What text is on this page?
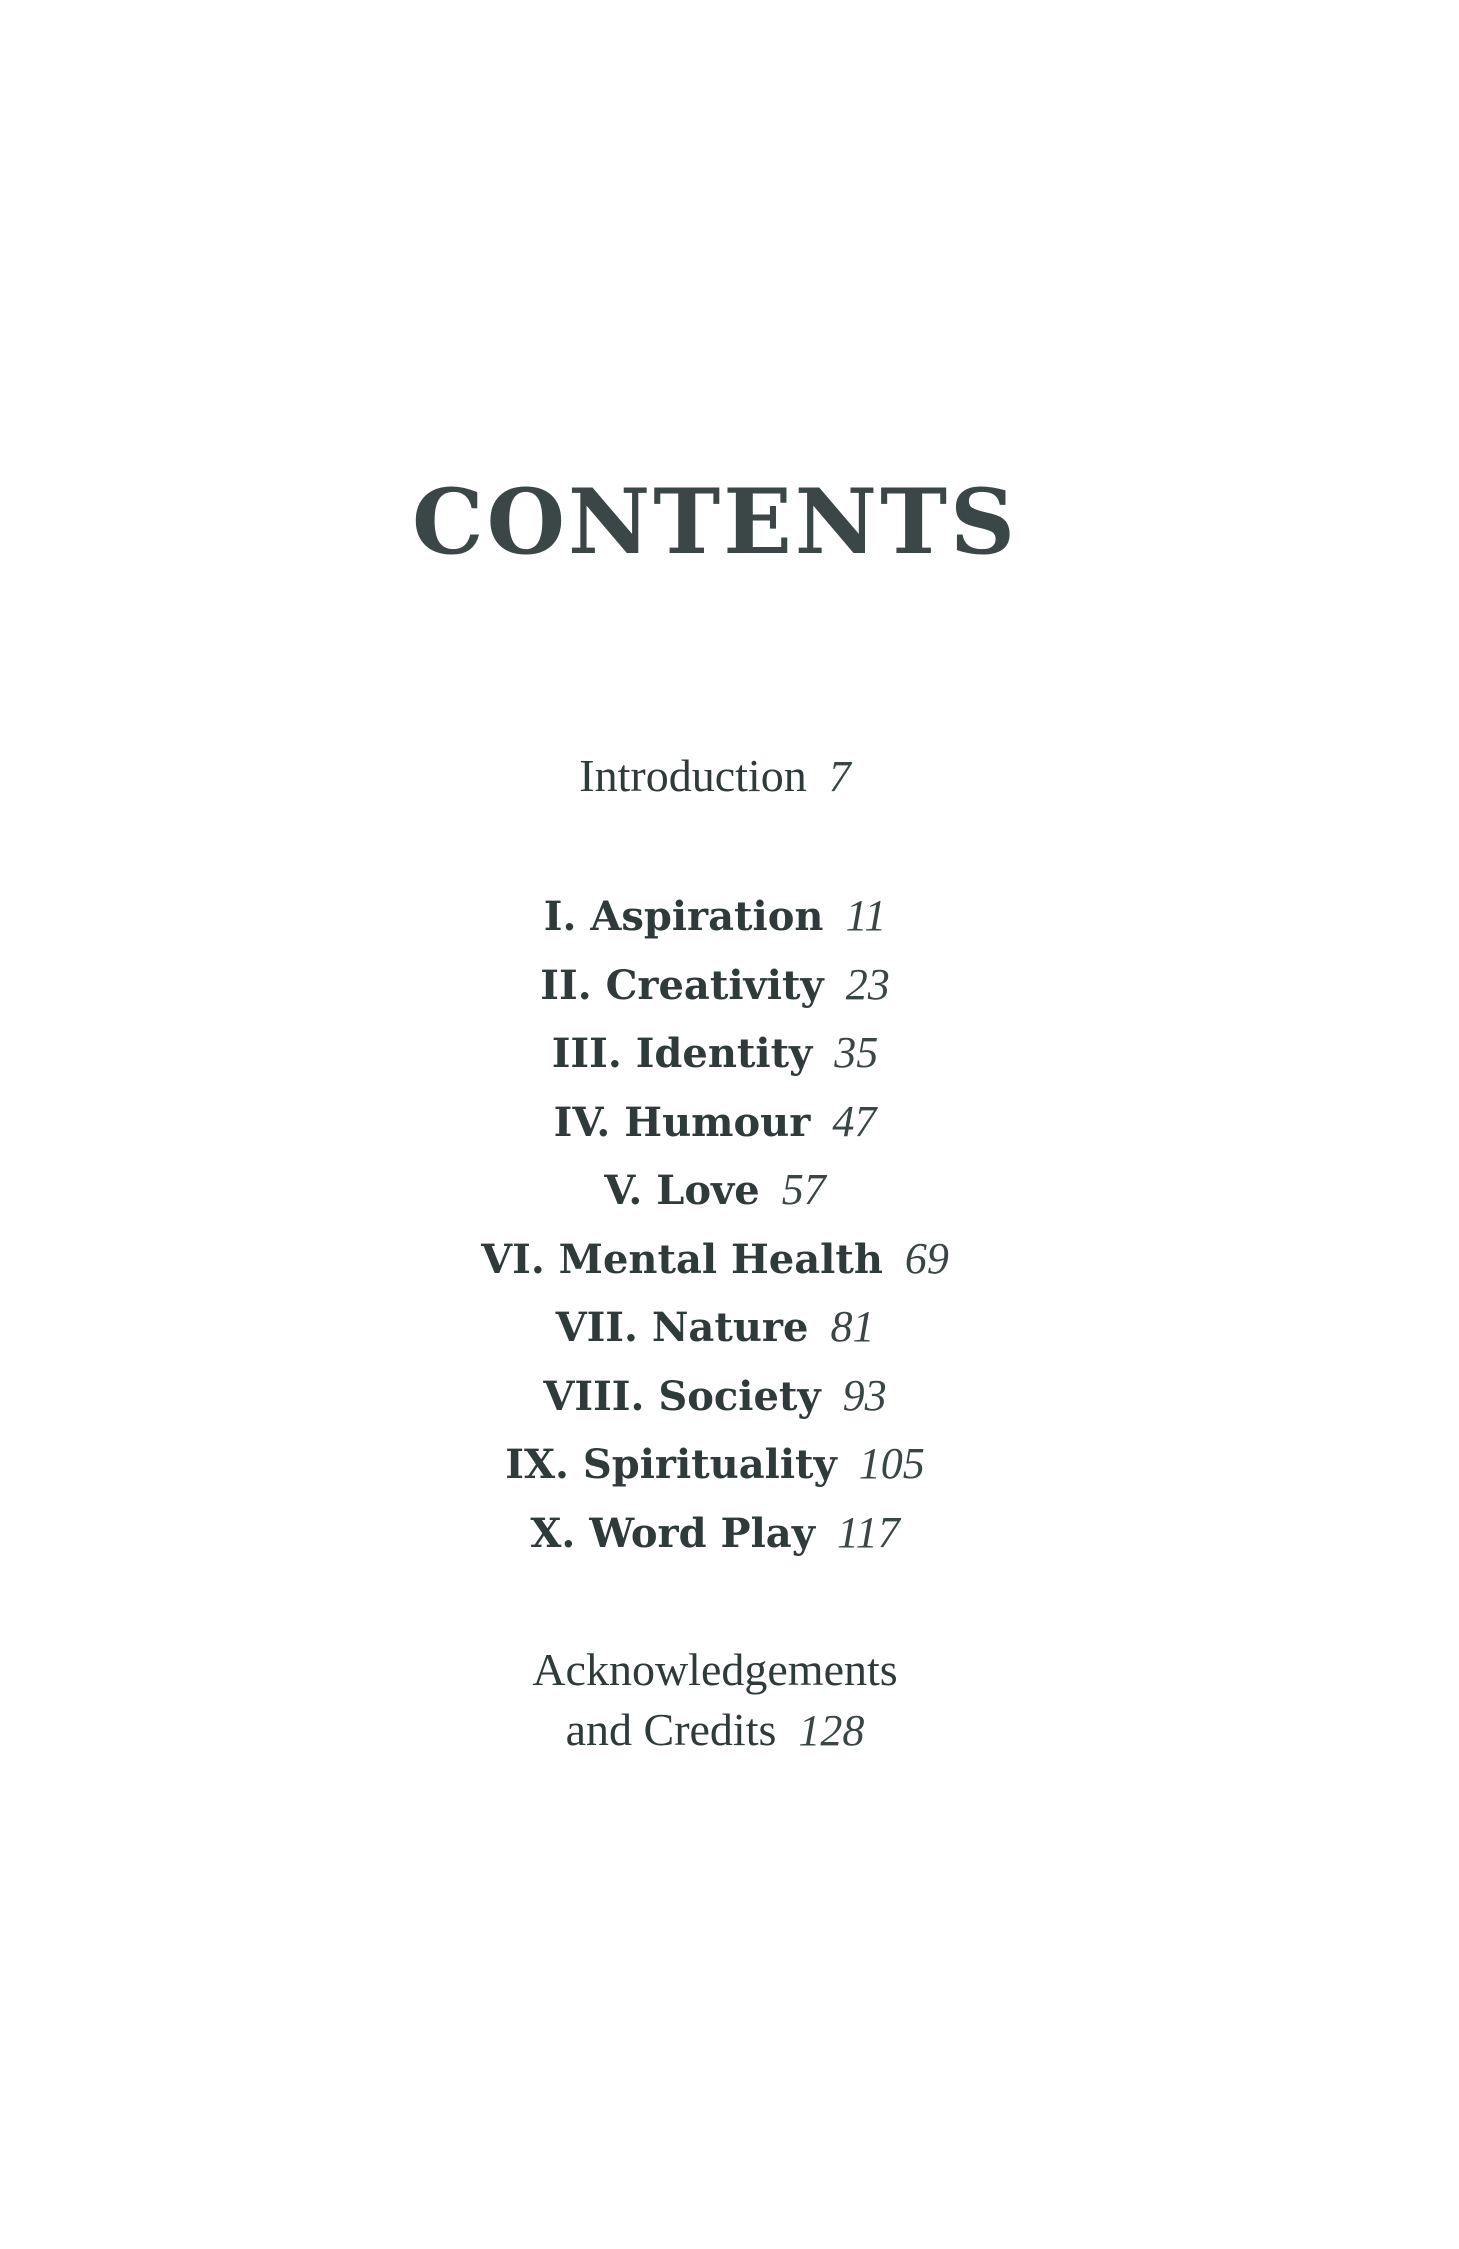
CONTENTS
Introduction 7
I. Aspiration 11
II. Creativity 23
III. Identity 35
IV. Humour 47
V. Love 57
VI. Mental Health 69
VII. Nature 81
VIII. Society 93
IX. Spirituality 105
X. Word Play 117
Acknowledgements
and Credits 128
